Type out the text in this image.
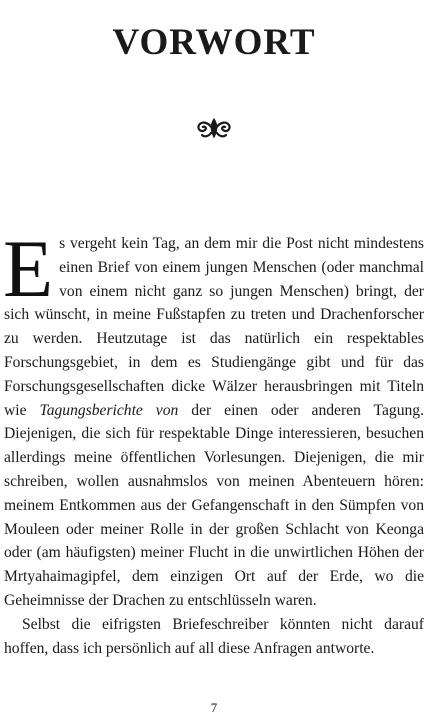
VORWORT

Es vergeht kein Tag, an dem mir die Post nicht mindestens einen Brief von einem jungen Menschen (oder manchmal von einem nicht ganz so jungen Menschen) bringt, der sich wünscht, in meine Fußstapfen zu treten und Drachenforscher zu werden. Heutzutage ist das natürlich ein respektables Forschungsgebiet, in dem es Studiengänge gibt und für das Forschungsgesellschaften dicke Wälzer herausbringen mit Titeln wie Tagungsberichte von der einen oder anderen Tagung. Diejenigen, die sich für respektable Dinge interessieren, besuchen allerdings meine öffentlichen Vorlesungen. Diejenigen, die mir schreiben, wollen ausnahmslos von meinen Abenteuern hören: meinem Entkommen aus der Gefangenschaft in den Sümpfen von Mouleen oder meiner Rolle in der großen Schlacht von Keonga oder (am häufigsten) meiner Flucht in die unwirtlichen Höhen der Mrtyahaimagipfel, dem einzigen Ort auf der Erde, wo die Geheimnisse der Drachen zu entschlüsseln waren.

Selbst die eifrigsten Briefeschreiber könnten nicht darauf hoffen, dass ich persönlich auf all diese Anfragen antworte.

7
